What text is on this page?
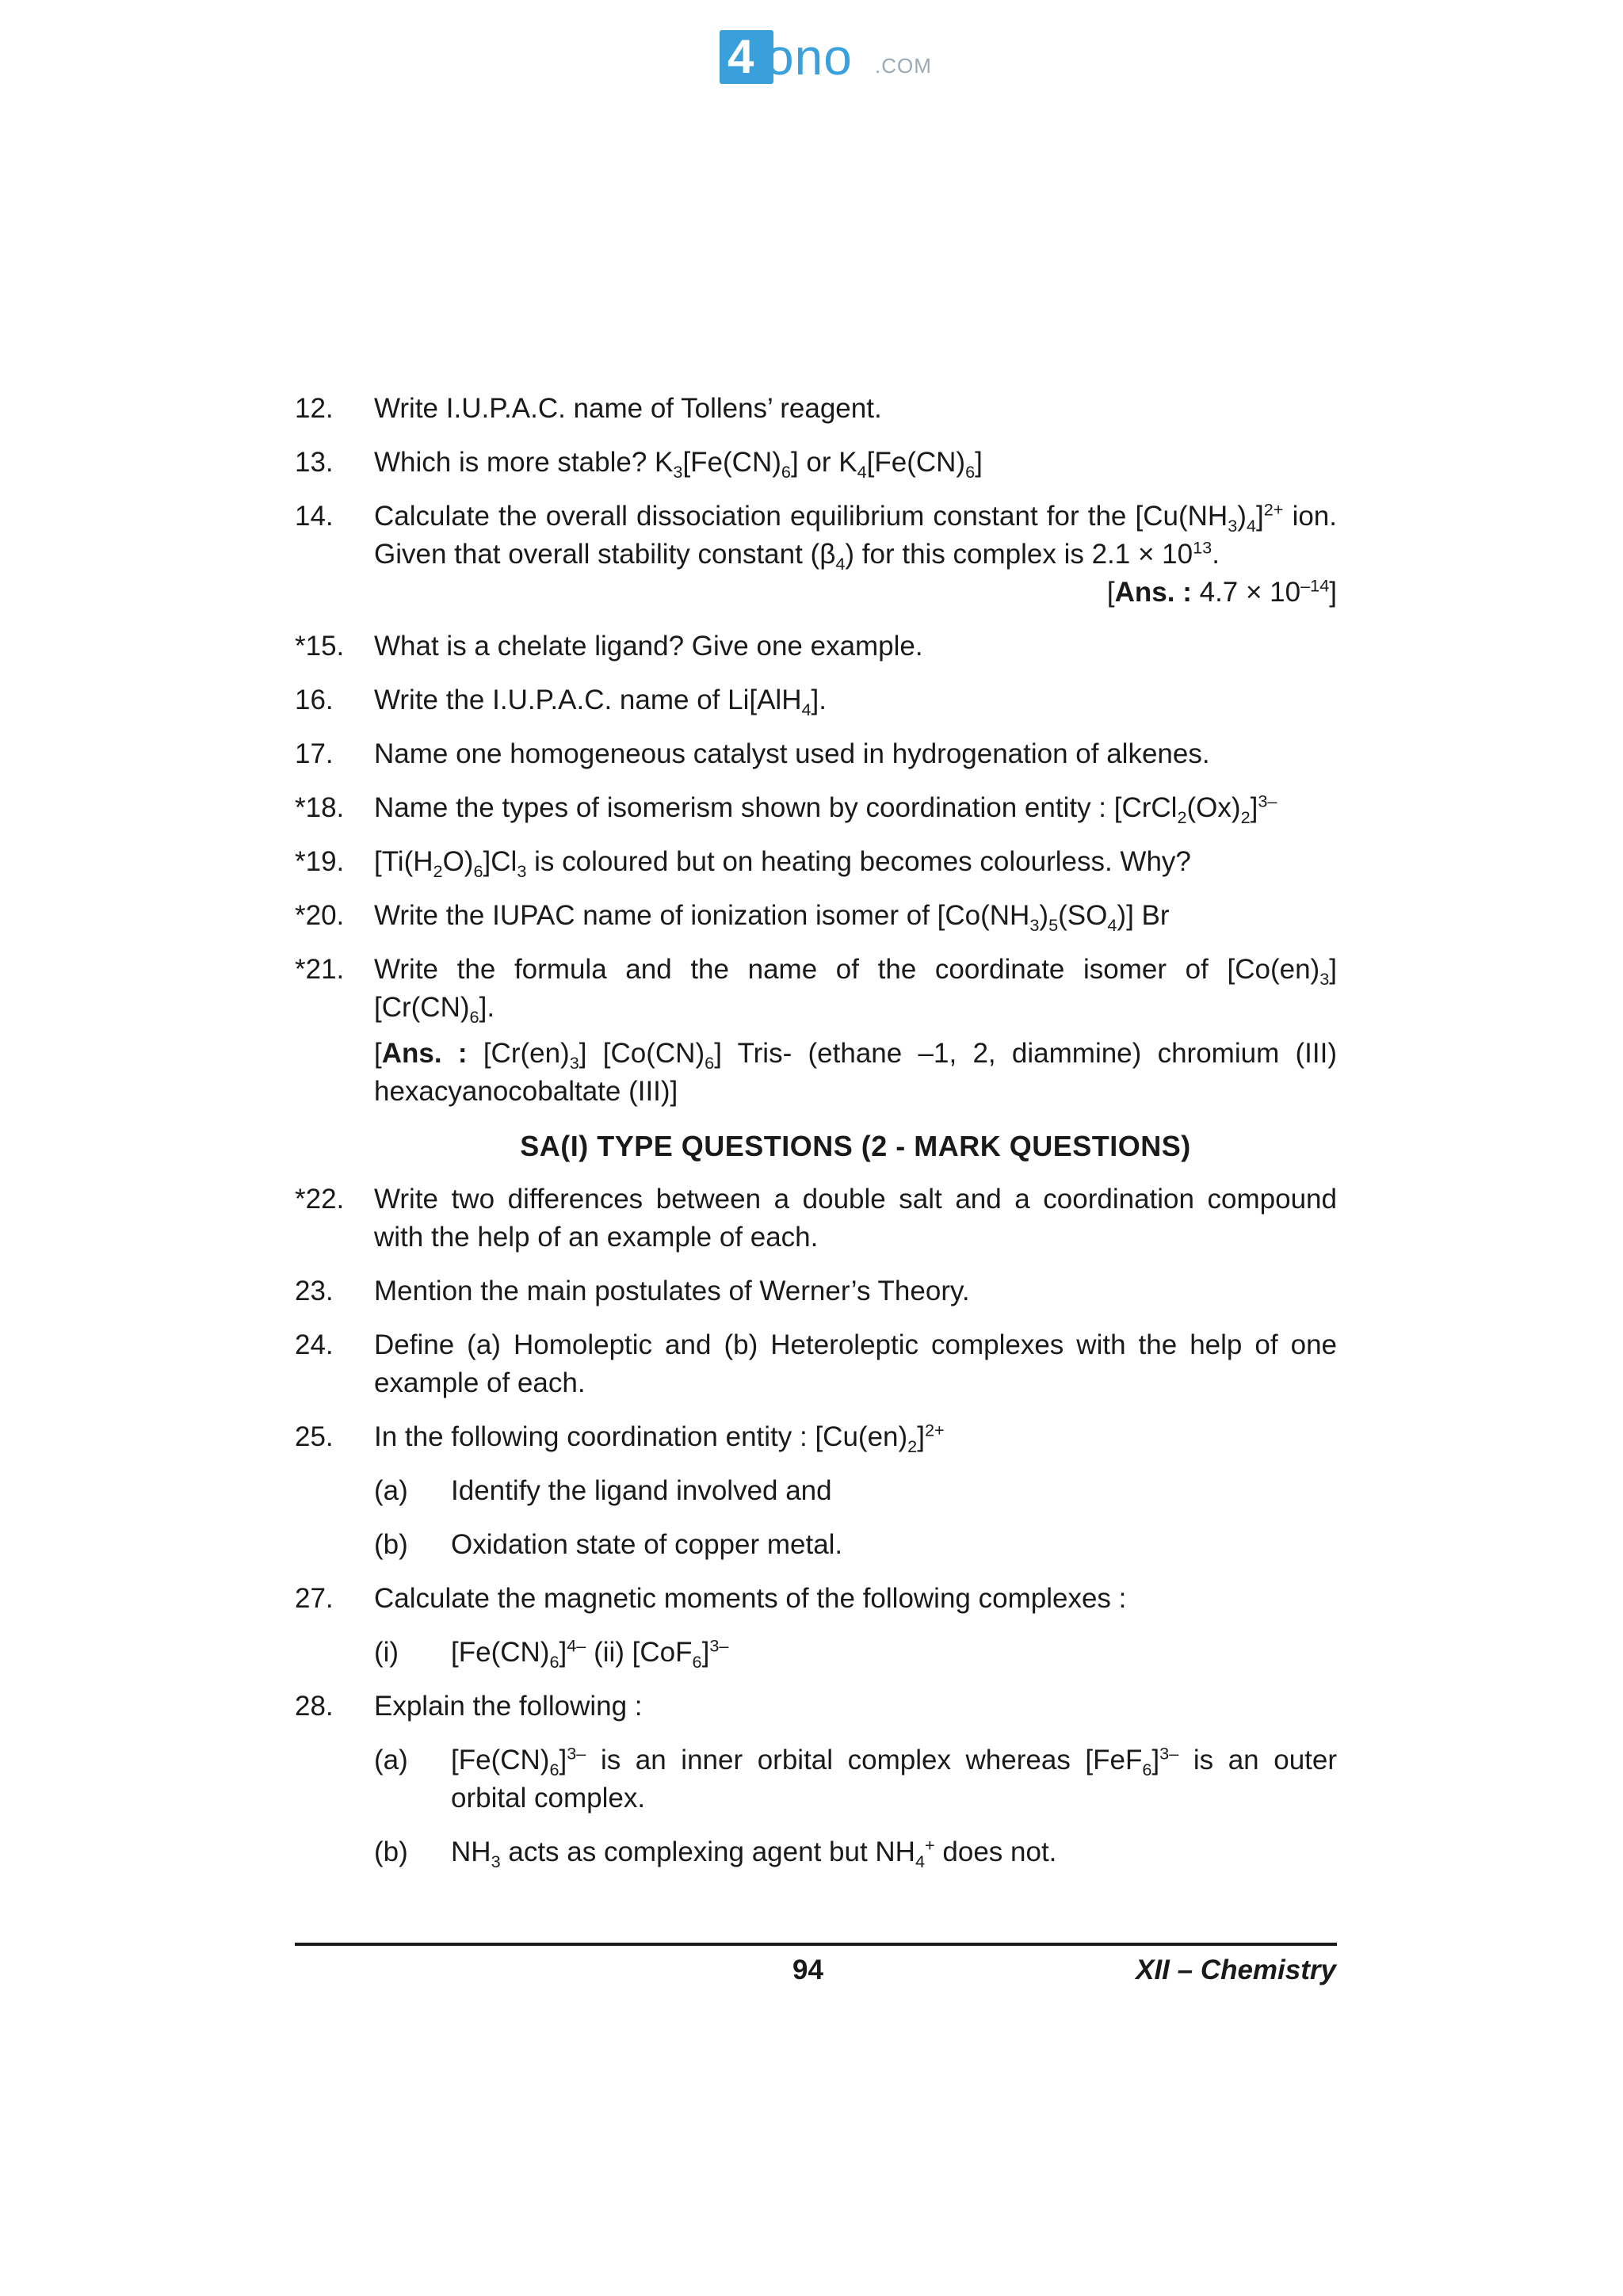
4 ono .COM
12. Write I.U.P.A.C. name of Tollens’ reagent.
13. Which is more stable? $K_3[Fe(CN)_6]$ or $K_4[Fe(CN)_6]$
14. Calculate the overall dissociation equilibrium constant for the $[Cu(NH_3)_4]^{2+}$ ion. Given that overall stability constant $(\beta_4)$ for this complex is $2.1 \times 10^{13}$.
[Ans. : $4.7 \times 10^{-14}$]
*15. What is a chelate ligand? Give one example.
16. Write the I.U.P.A.C. name of Li[AlH$_4$].
17. Name one homogeneous catalyst used in hydrogenation of alkenes.
*18. Name the types of isomerism shown by coordination entity : $[CrCl_2(Ox)_2]^{3-}$
*19. $[Ti(H_2O)_6]Cl_3$ is coloured but on heating becomes colourless. Why?
*20. Write the IUPAC name of ionization isomer of $[Co(NH_3)_5(SO_4)]$ Br
*21. Write the formula and the name of the coordinate isomer of $[Co(en)_3]$ $[Cr(CN)_6]$.
[Ans. : $[Cr(en)_3]$ $[Co(CN)_6]$ Tris- (ethane –1, 2, diammine) chromium (III) hexacyanocobaltate (III)]
SA(I) TYPE QUESTIONS (2 - MARK QUESTIONS)
*22. Write two differences between a double salt and a coordination compound with the help of an example of each.
23. Mention the main postulates of Werner’s Theory.
24. Define (a) Homoleptic and (b) Heteroleptic complexes with the help of one example of each.
25. In the following coordination entity : $[Cu(en)_2]^{2+}$
(a) Identify the ligand involved and
(b) Oxidation state of copper metal.
27. Calculate the magnetic moments of the following complexes :
(i) $[Fe(CN)_6]^{4-}$ (ii) $[CoF_6]^{3-}$
28. Explain the following :
(a) $[Fe(CN)_6]^{3-}$ is an inner orbital complex whereas $[FeF_6]^{3-}$ is an outer orbital complex.
(b) $NH_3$ acts as complexing agent but $NH_4^+$ does not.
94	XII – Chemistry
